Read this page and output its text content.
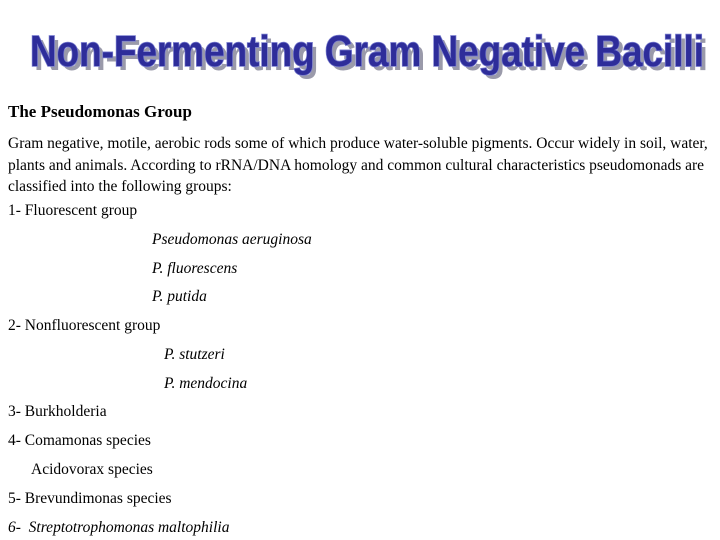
Non-Fermenting Gram Negative Bacilli
Non-Fermenting Gram Negative Bacilli
The Pseudomonas Group

Gram negative, motile, aerobic rods some of which produce water-soluble pigments. Occur widely in soil, water, plants and animals. According to rRNA/DNA homology and common cultural characteristics pseudomonads are classified into the following groups:

1- Fluorescent group
Pseudomonas aeruginosa
P. fluorescens
P. putida
2- Nonfluorescent group
P. stutzeri
P. mendocina
3- Burkholderia
4- Comamonas species
Acidovorax species
5- Brevundimonas species
6- Streptotrophomonas maltophilia
